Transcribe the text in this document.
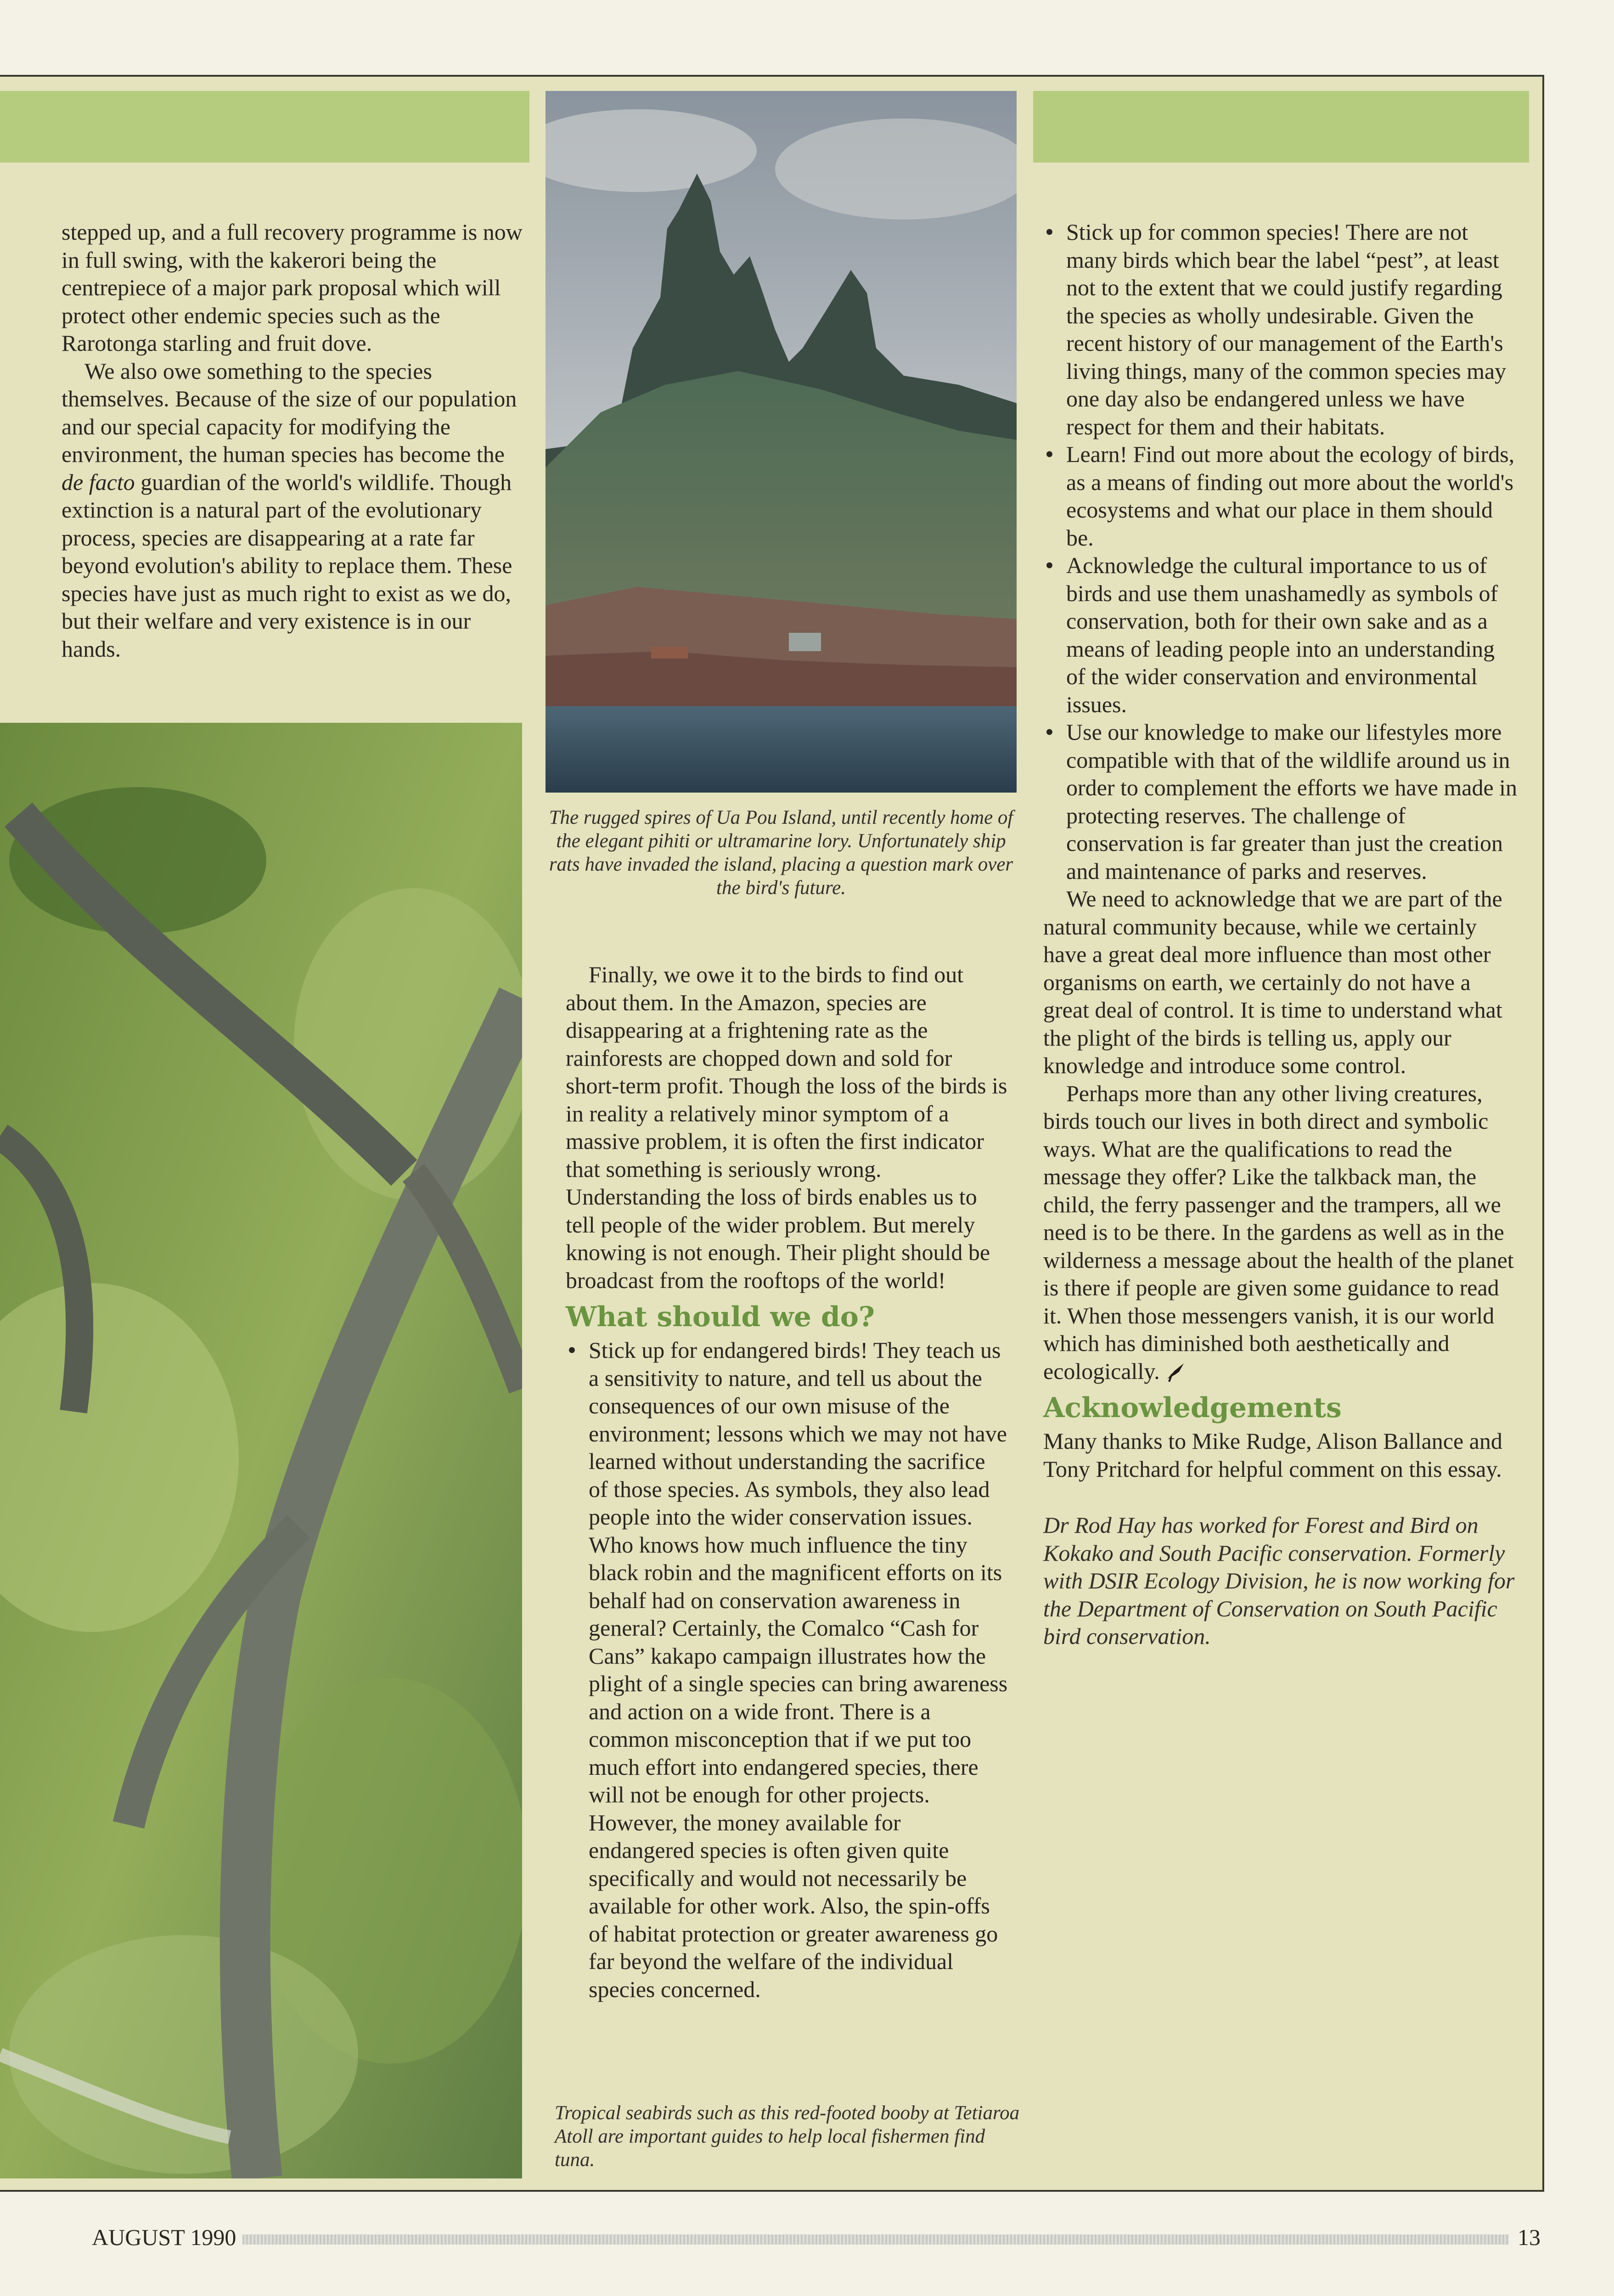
stepped up, and a full recovery programme is now in full swing, with the kakerori being the centrepiece of a major park proposal which will protect other endemic species such as the Rarotonga starling and fruit dove.

We also owe something to the species themselves. Because of the size of our population and our special capacity for modifying the environment, the human species has become the de facto guardian of the world's wildlife. Though extinction is a natural part of the evolutionary process, species are disappearing at a rate far beyond evolution's ability to replace them. These species have just as much right to exist as we do, but their welfare and very existence is in our hands.

The rugged spires of Ua Pou Island, until recently home of the elegant pihiti or ultramarine lory. Unfortunately ship rats have invaded the island, placing a question mark over the bird's future.
Tropical seabirds such as this red-footed booby at Tetiaroa Atoll are important guides to help local fishermen find tuna.

Finally, we owe it to the birds to find out about them. In the Amazon, species are disappearing at a frightening rate as the rainforests are chopped down and sold for short-term profit. Though the loss of the birds is in reality a relatively minor symptom of a massive problem, it is often the first indicator that something is seriously wrong. Understanding the loss of birds enables us to tell people of the wider problem. But merely knowing is not enough. Their plight should be broadcast from the rooftops of the world!

What should we do?
• Stick up for endangered birds! They teach us a sensitivity to nature, and tell us about the consequences of our own misuse of the environment; lessons which we may not have learned without understanding the sacrifice of those species. As symbols, they also lead people into the wider conservation issues. Who knows how much influence the tiny black robin and the magnificent efforts on its behalf had on conservation awareness in general? Certainly, the Comalco “Cash for Cans” kakapo campaign illustrates how the plight of a single species can bring awareness and action on a wide front. There is a common misconception that if we put too much effort into endangered species, there will not be enough for other projects. However, the money available for endangered species is often given quite specifically and would not necessarily be available for other work. Also, the spin-offs of habitat protection or greater awareness go far beyond the welfare of the individual species concerned.
• Stick up for common species! There are not many birds which bear the label “pest”, at least not to the extent that we could justify regarding the species as wholly undesirable. Given the recent history of our management of the Earth's living things, many of the common species may one day also be endangered unless we have respect for them and their habitats.
• Learn! Find out more about the ecology of birds, as a means of finding out more about the world's ecosystems and what our place in them should be.
• Acknowledge the cultural importance to us of birds and use them unashamedly as symbols of conservation, both for their own sake and as a means of leading people into an understanding of the wider conservation and environmental issues.
• Use our knowledge to make our lifestyles more compatible with that of the wildlife around us in order to complement the efforts we have made in protecting reserves. The challenge of conservation is far greater than just the creation and maintenance of parks and reserves.

We need to acknowledge that we are part of the natural community because, while we certainly have a great deal more influence than most other organisms on earth, we certainly do not have a great deal of control. It is time to understand what the plight of the birds is telling us, apply our knowledge and introduce some control.

Perhaps more than any other living creatures, birds touch our lives in both direct and symbolic ways. What are the qualifications to read the message they offer? Like the talkback man, the child, the ferry passenger and the trampers, all we need is to be there. In the gardens as well as in the wilderness a message about the health of the planet is there if people are given some guidance to read it. When those messengers vanish, it is our world which has diminished both aesthetically and ecologically.

Acknowledgements

Many thanks to Mike Rudge, Alison Ballance and Tony Pritchard for helpful comment on this essay.

Dr Rod Hay has worked for Forest and Bird on Kokako and South Pacific conservation. Formerly with DSIR Ecology Division, he is now working for the Department of Conservation on South Pacific bird conservation.

AUGUST 1990	13
